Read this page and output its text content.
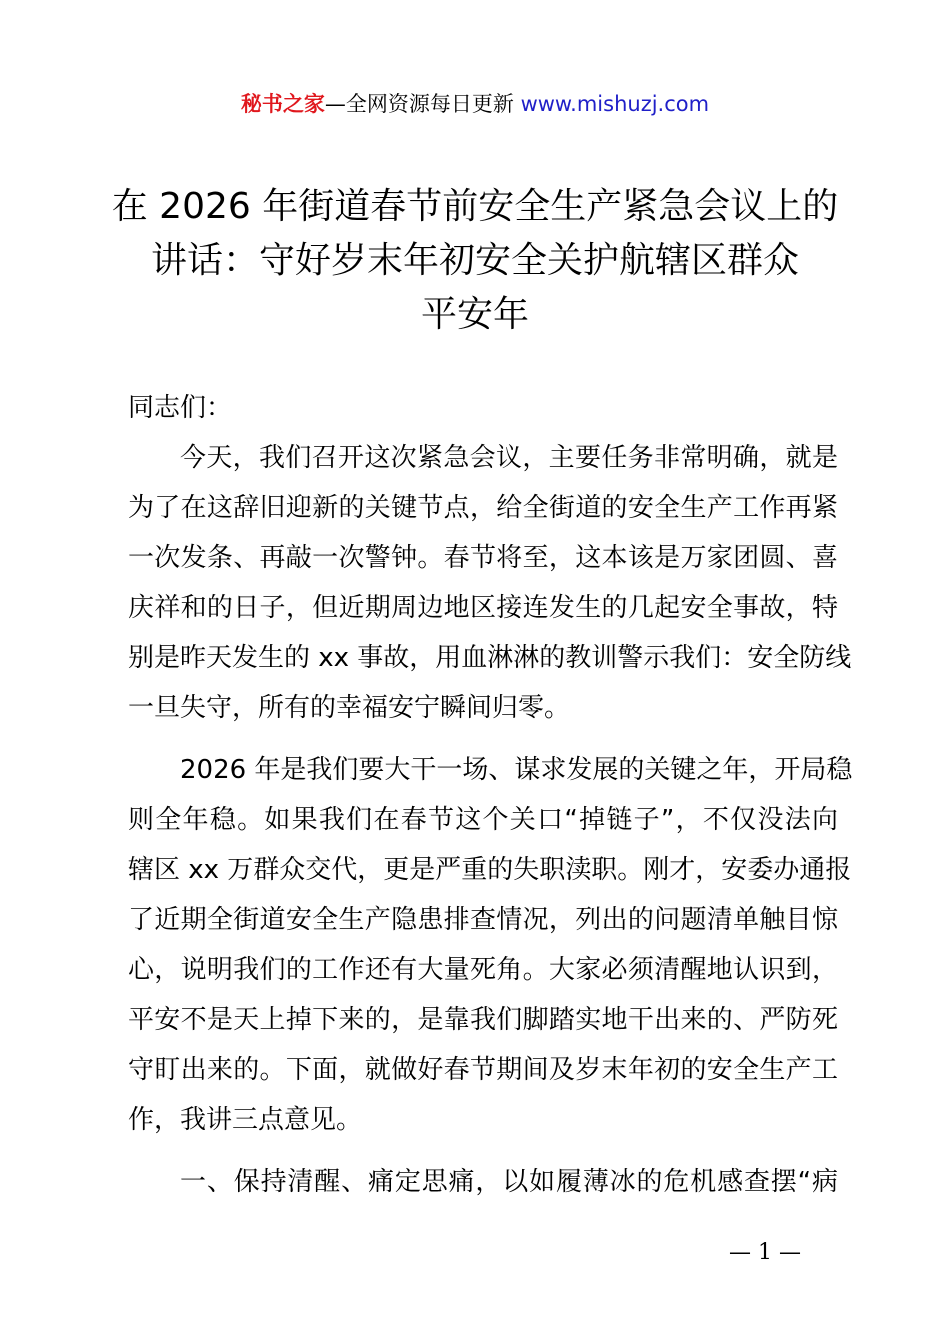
秘书之家—全网资源每日更新 www.mishuzj.com
在 2026 年街道春节前安全生产紧急会议上的
讲话：守好岁末年初安全关护航辖区群众
平安年
同志们：
今天，我们召开这次紧急会议，主要任务非常明确，就是
为了在这辞旧迎新的关键节点，给全街道的安全生产工作再紧
一次发条、再敲一次警钟。春节将至，这本该是万家团圆、喜
庆祥和的日子，但近期周边地区接连发生的几起安全事故，特
别是昨天发生的 xx 事故，用血淋淋的教训警示我们：安全防线
一旦失守，所有的幸福安宁瞬间归零。
2026 年是我们要大干一场、谋求发展的关键之年，开局稳
则全年稳。如果我们在春节这个关口“掉链子”，不仅没法向
辖区 xx 万群众交代，更是严重的失职渎职。刚才，安委办通报
了近期全街道安全生产隐患排查情况，列出的问题清单触目惊
心，说明我们的工作还有大量死角。大家必须清醒地认识到，
平安不是天上掉下来的，是靠我们脚踏实地干出来的、严防死
守盯出来的。下面，就做好春节期间及岁末年初的安全生产工
作，我讲三点意见。
一、保持清醒、痛定思痛，以如履薄冰的危机感查摆“病
— 1 —
